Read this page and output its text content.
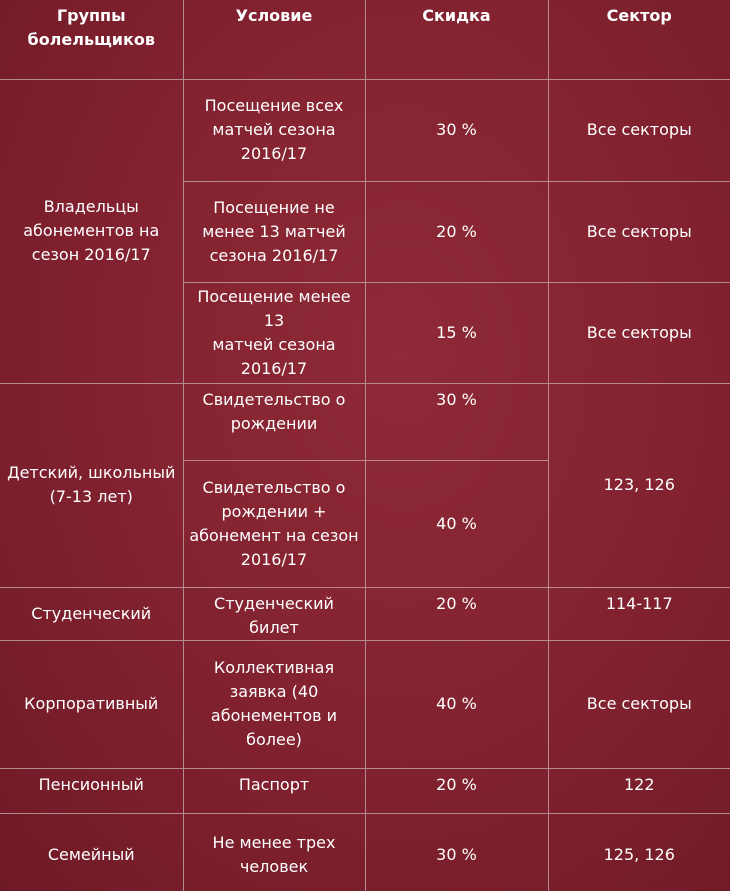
Группы
болельщиков	Условие	Скидка	Сектор
Владельцы
абонементов на
сезон 2016/17	Посещение всех
матчей сезона
2016/17	30 %	Все секторы
	Посещение не
менее 13 матчей
сезона 2016/17	20 %	Все секторы
	Посещение менее 13
матчей сезона
2016/17	15 %	Все секторы
Детский, школьный
(7-13 лет)	Свидетельство о
рождении	30 %	123, 126
	Свидетельство о
рождении +
абонемент на сезон
2016/17	40 %	
Студенческий	Студенческий билет	20 %	114-117
Корпоративный	Коллективная
заявка (40
абонементов и
более)	40 %	Все секторы
Пенсионный	Паспорт	20 %	122
Семейный	Не менее трех
человек	30 %	125, 126
